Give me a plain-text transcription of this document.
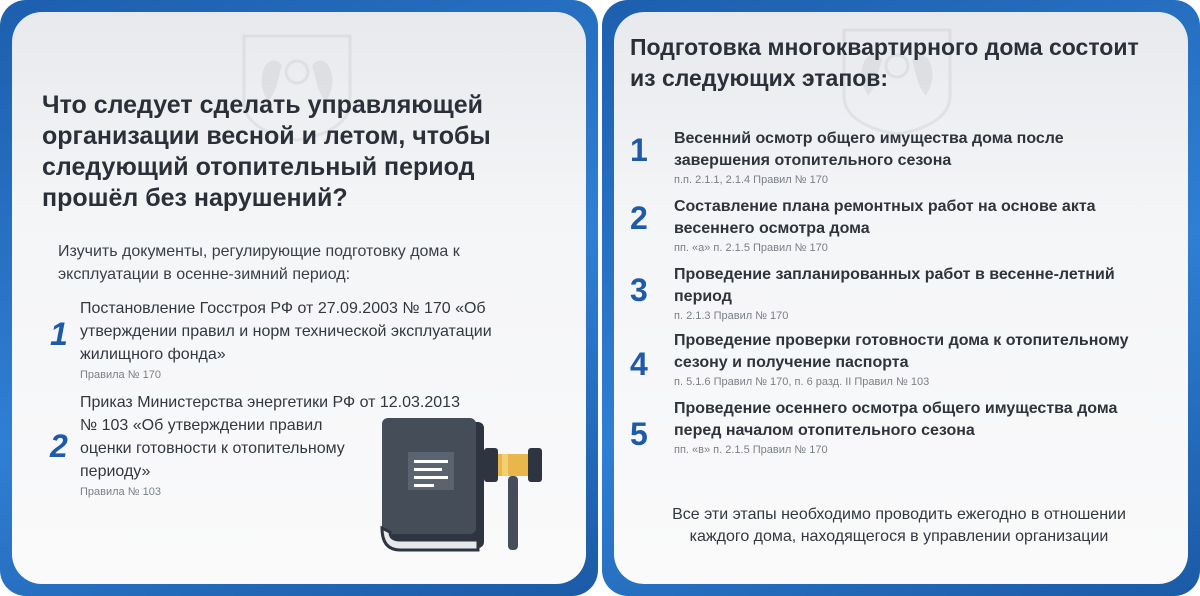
Что следует сделать управляющей организации весной и летом, чтобы следующий отопительный период прошёл без нарушений?
Изучить документы, регулирующие подготовку дома к эксплуатации в осенне-зимний период:
1
Постановление Госстроя РФ от 27.09.2003 № 170 «Об утверждении правил и норм технической эксплуатации жилищного фонда»
Правила № 170
2
Приказ Министерства энергетики РФ от 12.03.2013
№ 103 «Об утверждении правил оценки готовности к отопительному периоду»
Правила № 103
Подготовка многоквартирного дома состоит из следующих этапов:
1	Весенний осмотр общего имущества дома после завершения отопительного сезона
п.п. 2.1.1, 2.1.4 Правил № 170
2	Составление плана ремонтных работ на основе акта весеннего осмотра дома
пп. «а» п. 2.1.5 Правил № 170
3	Проведение запланированных работ в весенне-летний период
п. 2.1.3 Правил № 170
4
Проведение проверки готовности дома к отопительному сезону и получение паспорта
п. 5.1.6 Правил № 170, п. 6 разд. II Правил № 103
5
Проведение осеннего осмотра общего имущества дома перед началом отопительного сезона
пп. «в» п. 2.1.5 Правил № 170
Все эти этапы необходимо проводить ежегодно в отношении каждого дома, находящегося в управлении организации
